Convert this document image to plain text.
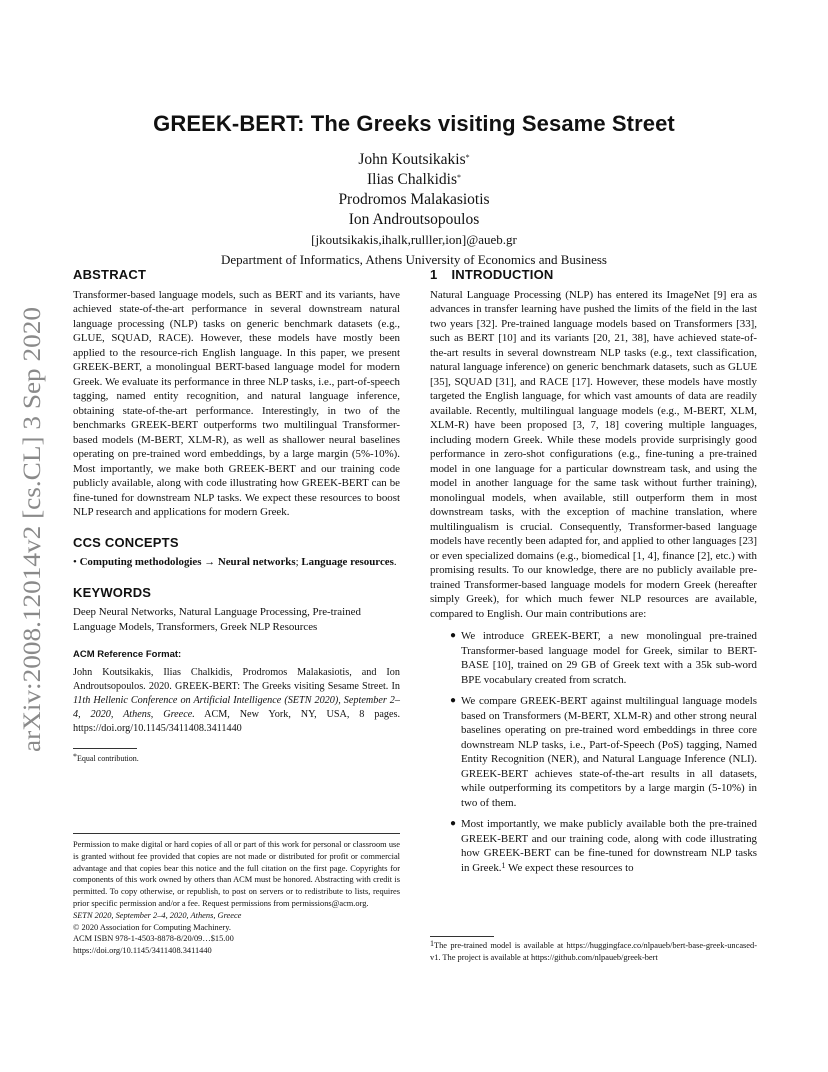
arXiv:2008.12014v2 [cs.CL] 3 Sep 2020
GREEK-BERT: The Greeks visiting Sesame Street
John Koutsikakis*
Ilias Chalkidis*
Prodromos Malakasiotis
Ion Androutsopoulos
[jkoutsikakis,ihalk,rulller,ion]@aueb.gr
Department of Informatics, Athens University of Economics and Business
ABSTRACT

Transformer-based language models, such as BERT and its variants, have achieved state-of-the-art performance in several downstream natural language processing (NLP) tasks on generic benchmark datasets (e.g., GLUE, SQUAD, RACE). However, these models have mostly been applied to the resource-rich English language. In this paper, we present GREEK-BERT, a monolingual BERT-based language model for modern Greek. We evaluate its performance in three NLP tasks, i.e., part-of-speech tagging, named entity recognition, and natural language inference, obtaining state-of-the-art performance. Interestingly, in two of the benchmarks GREEK-BERT outperforms two multilingual Transformer-based models (M-BERT, XLM-R), as well as shallower neural baselines operating on pre-trained word embeddings, by a large margin (5%-10%). Most importantly, we make both GREEK-BERT and our training code publicly available, along with code illustrating how GREEK-BERT can be fine-tuned for downstream NLP tasks. We expect these resources to boost NLP research and applications for modern Greek.

CCS CONCEPTS

• Computing methodologies → Neural networks; Language resources.

KEYWORDS

Deep Neural Networks, Natural Language Processing, Pre-trained Language Models, Transformers, Greek NLP Resources

ACM Reference Format:

John Koutsikakis, Ilias Chalkidis, Prodromos Malakasiotis, and Ion Androutsopoulos. 2020. GREEK-BERT: The Greeks visiting Sesame Street. In 11th Hellenic Conference on Artificial Intelligence (SETN 2020), September 2–4, 2020, Athens, Greece. ACM, New York, NY, USA, 8 pages. https://doi.org/10.1145/3411408.3411440

*Equal contribution.
Permission to make digital or hard copies of all or part of this work for personal or classroom use is granted without fee provided that copies are not made or distributed for profit or commercial advantage and that copies bear this notice and the full citation on the first page. Copyrights for components of this work owned by others than ACM must be honored. Abstracting with credit is permitted. To copy otherwise, or republish, to post on servers or to redistribute to lists, requires prior specific permission and/or a fee. Request permissions from permissions@acm.org.
SETN 2020, September 2–4, 2020, Athens, Greece
© 2020 Association for Computing Machinery.
ACM ISBN 978-1-4503-8878-8/20/09…$15.00
https://doi.org/10.1145/3411408.3411440
1 INTRODUCTION

Natural Language Processing (NLP) has entered its ImageNet [9] era as advances in transfer learning have pushed the limits of the field in the last two years [32]. Pre-trained language models based on Transformers [33], such as BERT [10] and its variants [20, 21, 38], have achieved state-of-the-art results in several downstream NLP tasks (e.g., text classification, natural language inference) on generic benchmark datasets, such as GLUE [35], SQUAD [31], and RACE [17]. However, these models have mostly targeted the English language, for which vast amounts of data are readily available. Recently, multilingual language models (e.g., M-BERT, XLM, XLM-R) have been proposed [3, 7, 18] covering multiple languages, including modern Greek. While these models provide surprisingly good performance in zero-shot configurations (e.g., fine-tuning a pre-trained model in one language for a particular downstream task, and using the model in another language for the same task without further training), monolingual models, when available, still outperform them in most downstream tasks, with the exception of machine translation, where multilingualism is crucial. Consequently, Transformer-based language models have recently been adapted for, and applied to other languages [23] or even specialized domains (e.g., biomedical [1, 4], finance [2], etc.) with promising results. To our knowledge, there are no publicly available pre-trained Transformer-based language models for modern Greek (hereafter simply Greek), for which much fewer NLP resources are available, compared to English. Our main contributions are:

● We introduce GREEK-BERT, a new monolingual pre-trained Transformer-based language model for Greek, similar to BERT-BASE [10], trained on 29 GB of Greek text with a 35k sub-word BPE vocabulary created from scratch.
● We compare GREEK-BERT against multilingual language models based on Transformers (M-BERT, XLM-R) and other strong neural baselines operating on pre-trained word embeddings in three core downstream NLP tasks, i.e., Part-of-Speech (PoS) tagging, Named Entity Recognition (NER), and Natural Language Inference (NLI). GREEK-BERT achieves state-of-the-art results in all datasets, while outperforming its competitors by a large margin (5-10%) in two of them.
● Most importantly, we make publicly available both the pre-trained GREEK-BERT and our training code, along with code illustrating how GREEK-BERT can be fine-tuned for downstream NLP tasks in Greek.$^1$ We expect these resources to
$^1$The pre-trained model is available at https://huggingface.co/nlpaueb/bert-base-greek-uncased-v1. The project is available at https://github.com/nlpaueb/greek-bert
